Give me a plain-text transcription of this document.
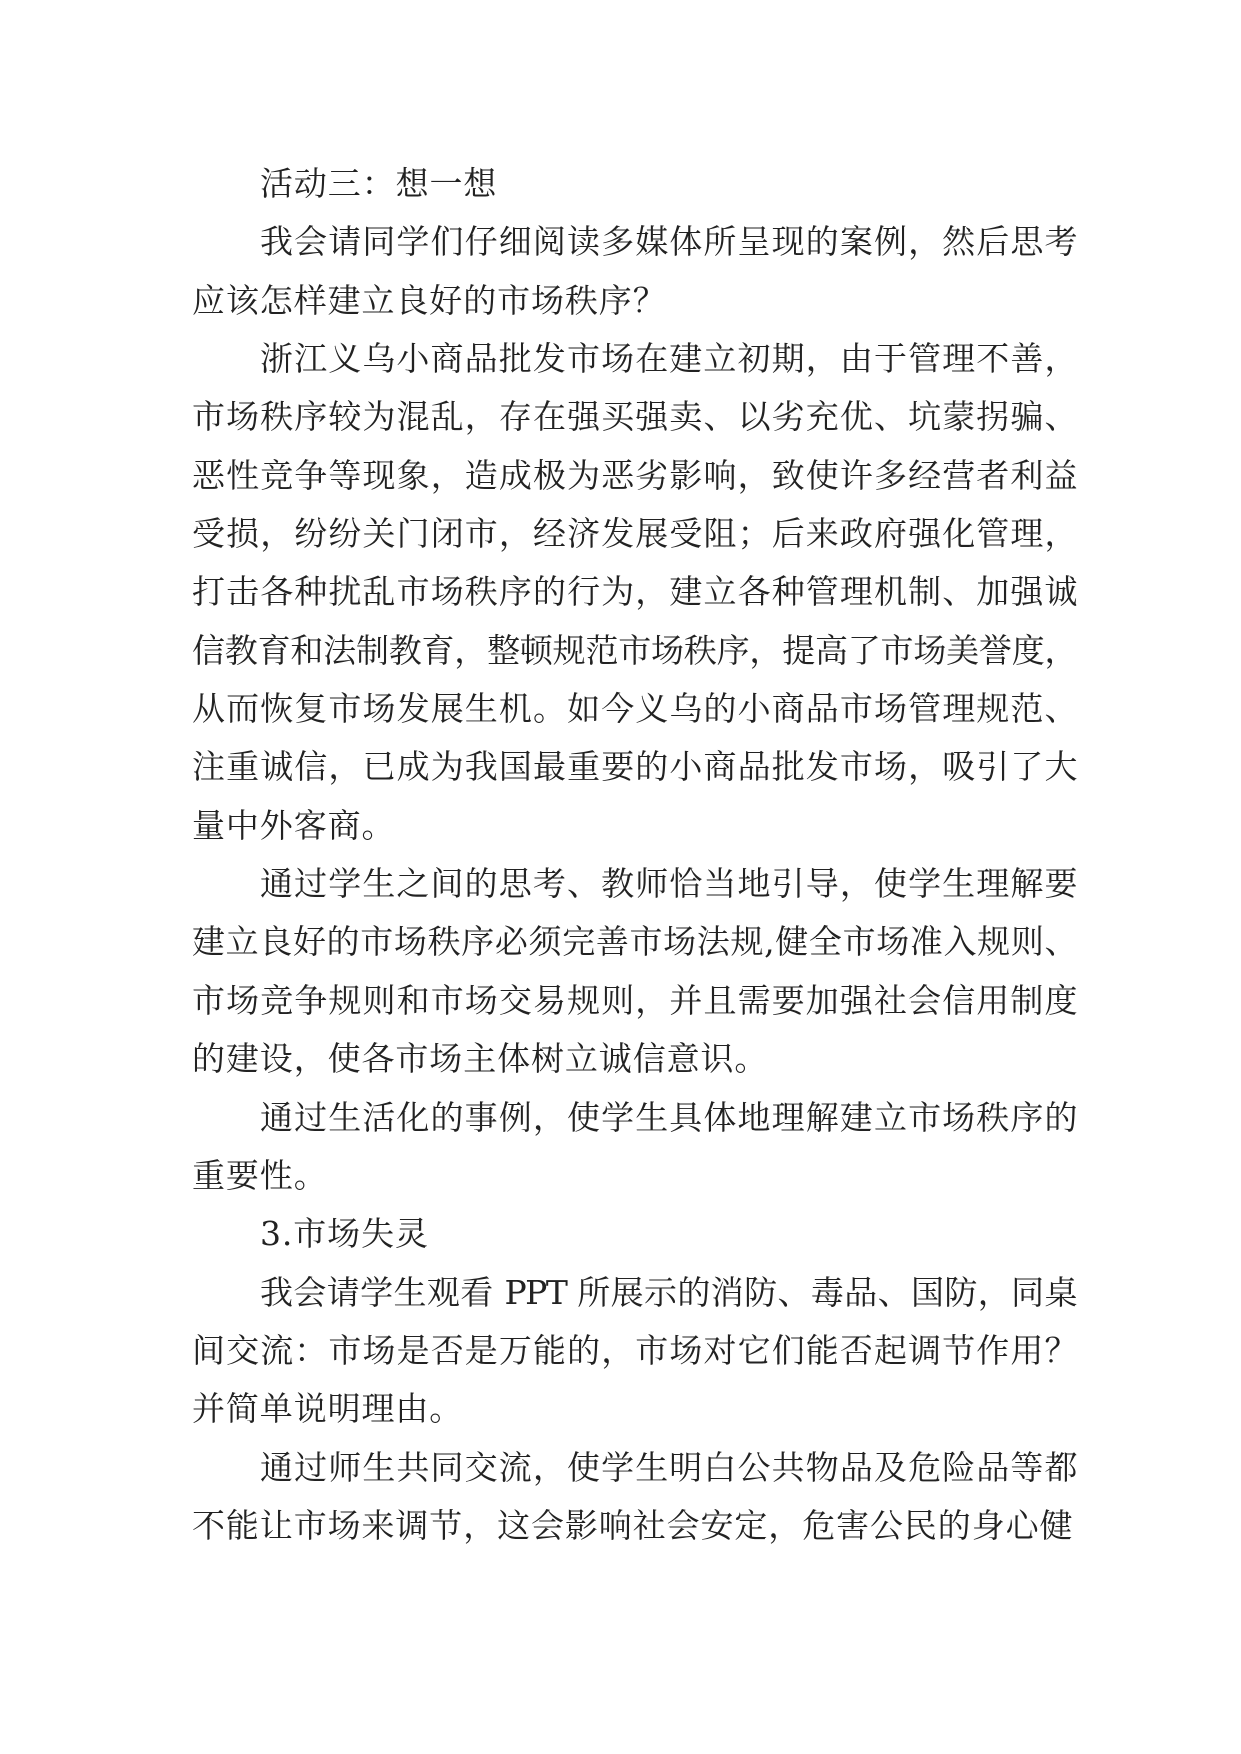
活动三：想一想
我会请同学们仔细阅读多媒体所呈现的案例，然后思考
应该怎样建立良好的市场秩序？
浙江义乌小商品批发市场在建立初期，由于管理不善，
市场秩序较为混乱，存在强买强卖、以劣充优、坑蒙拐骗、
恶性竞争等现象，造成极为恶劣影响，致使许多经营者利益
受损，纷纷关门闭市，经济发展受阻；后来政府强化管理，
打击各种扰乱市场秩序的行为，建立各种管理机制、加强诚
信教育和法制教育，整顿规范市场秩序，提高了市场美誉度，
从而恢复市场发展生机。如今义乌的小商品市场管理规范、
注重诚信，已成为我国最重要的小商品批发市场，吸引了大
量中外客商。
通过学生之间的思考、教师恰当地引导，使学生理解要
建立良好的市场秩序必须完善市场法规,健全市场准入规则、
市场竞争规则和市场交易规则，并且需要加强社会信用制度
的建设，使各市场主体树立诚信意识。
通过生活化的事例，使学生具体地理解建立市场秩序的
重要性。
3.市场失灵
我会请学生观看 PPT 所展示的消防、毒品、国防，同桌
间交流：市场是否是万能的，市场对它们能否起调节作用？
并简单说明理由。
通过师生共同交流，使学生明白公共物品及危险品等都
不能让市场来调节，这会影响社会安定，危害公民的身心健
